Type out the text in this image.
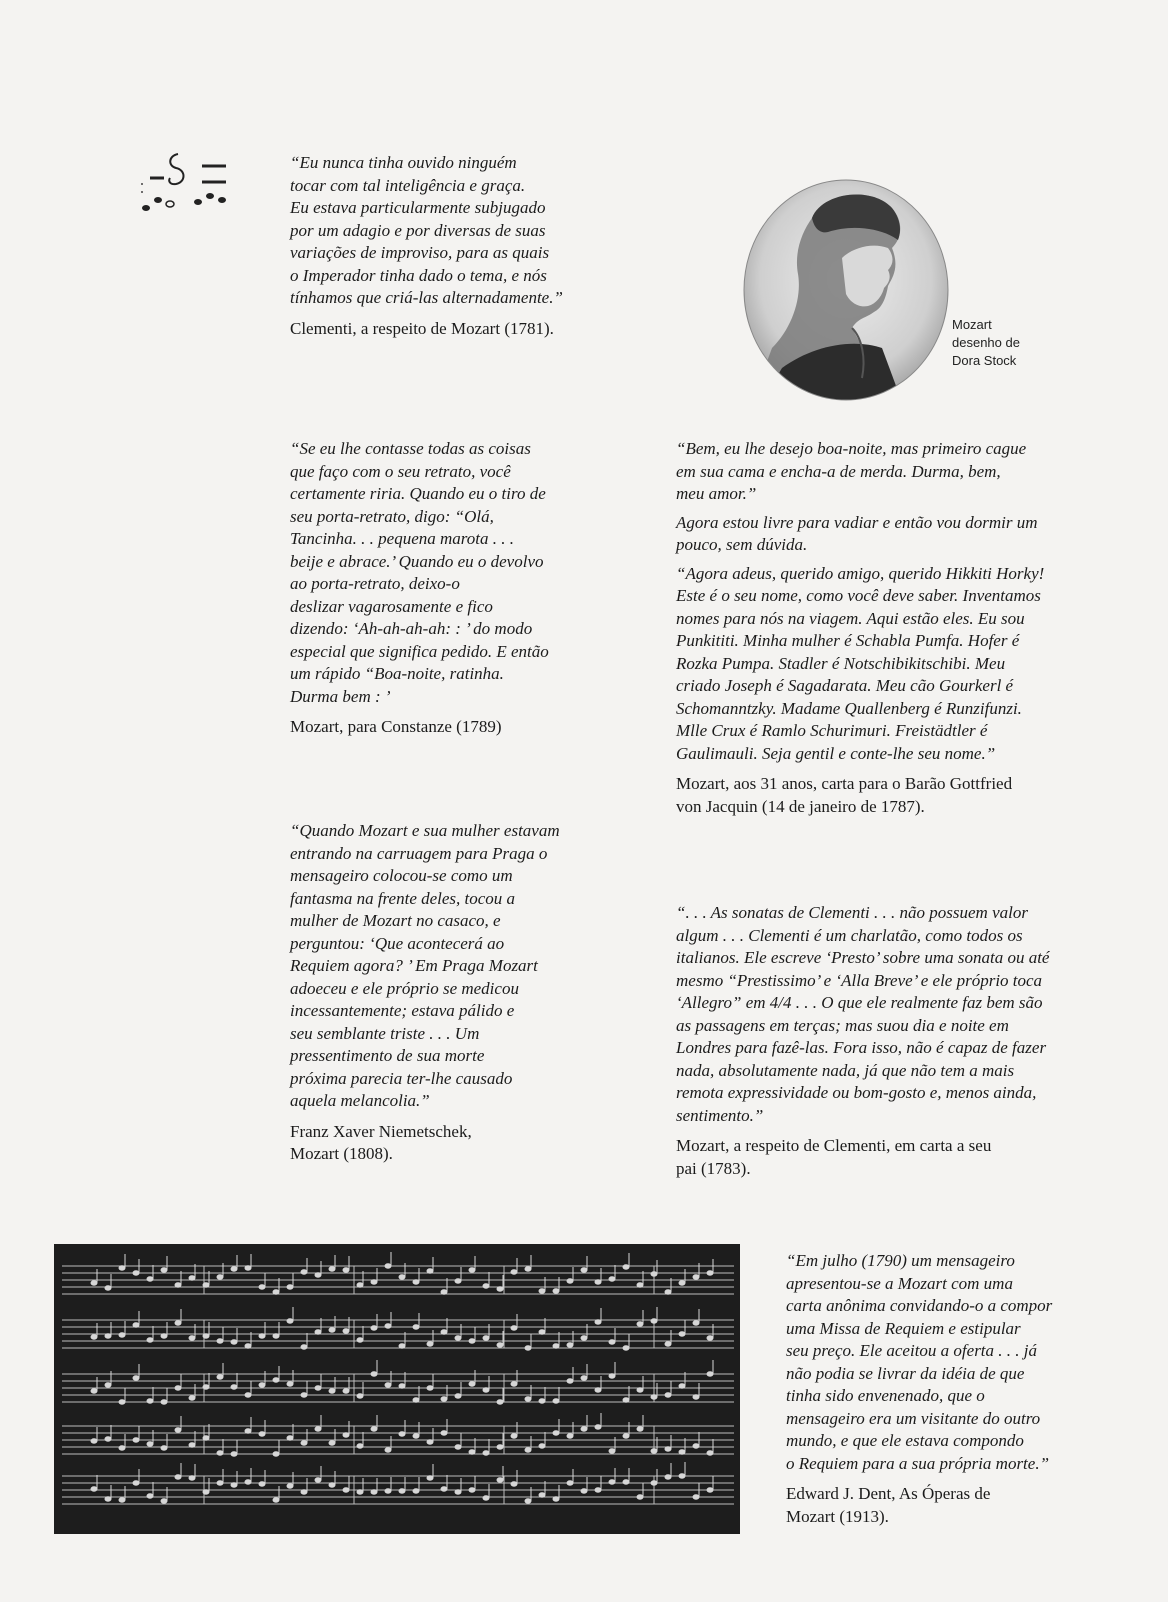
“Eu nunca tinha ouvido ninguém

tocar com tal inteligência e graça.

Eu estava particularmente subjugado

por um adagio e por diversas de suas

variações de improviso, para as quais

o Imperador tinha dado o tema, e nós

tínhamos que criá-las alternadamente.”

Clementi, a respeito de Mozart (1781).	Mozart
desenho de
Dora Stock

“Se eu lhe contasse todas as coisas

que faço com o seu retrato, você

certamente riria. Quando eu o tiro de

seu porta-retrato, digo: “Olá,

Tancinha. . . pequena marota . . .

beije e abrace.’ Quando eu o devolvo

ao porta-retrato, deixo-o

deslizar vagarosamente e fico

dizendo: ‘Ah-ah-ah-ah: : ’ do modo

especial que significa pedido. E então

um rápido “Boa-noite, ratinha.

Durma bem : ’

Mozart, para Constanze (1789)

“Bem, eu lhe desejo boa-noite, mas primeiro cague

em sua cama e encha-a de merda. Durma, bem,

meu amor.”

Agora estou livre para vadiar e então vou dormir um

pouco, sem dúvida.

“Agora adeus, querido amigo, querido Hikkiti Horky!

Este é o seu nome, como você deve saber. Inventamos

nomes para nós na viagem. Aqui estão eles. Eu sou

Punkititi. Minha mulher é Schabla Pumfa. Hofer é

Rozka Pumpa. Stadler é Notschibikitschibi. Meu

criado Joseph é Sagadarata. Meu cão Gourkerl é

Schomanntzky. Madame Quallenberg é Runzifunzi.

Mlle Crux é Ramlo Schurimuri. Freistädtler é

Gaulimauli. Seja gentil e conte-lhe seu nome.”

Mozart, aos 31 anos, carta para o Barão Gottfried
von Jacquin (14 de janeiro de 1787).

“Quando Mozart e sua mulher estavam

entrando na carruagem para Praga o

mensageiro colocou-se como um

fantasma na frente deles, tocou a

mulher de Mozart no casaco, e

perguntou: ‘Que acontecerá ao

Requiem agora? ’ Em Praga Mozart

adoeceu e ele próprio se medicou

incessantemente; estava pálido e

seu semblante triste . . . Um

pressentimento de sua morte

próxima parecia ter-lhe causado

aquela melancolia.”

Franz Xaver Niemetschek,
Mozart (1808).

“. . . As sonatas de Clementi . . . não possuem valor

algum . . . Clementi é um charlatão, como todos os

italianos. Ele escreve ‘Presto’ sobre uma sonata ou até

mesmo “Prestissimo’ e ‘Alla Breve’ e ele próprio toca

‘Allegro” em 4/4 . . . O que ele realmente faz bem são

as passagens em terças; mas suou dia e noite em

Londres para fazê-las. Fora isso, não é capaz de fazer

nada, absolutamente nada, já que não tem a mais

remota expressividade ou bom-gosto e, menos ainda,

sentimento.”

Mozart, a respeito de Clementi, em carta a seu
pai (1783).

“Em julho (1790) um mensageiro

apresentou-se a Mozart com uma

carta anônima convidando-o a compor

uma Missa de Requiem e estipular

seu preço. Ele aceitou a oferta . . . já

não podia se livrar da idéia de que

tinha sido envenenado, que o

mensageiro era um visitante do outro

mundo, e que ele estava compondo

o Requiem para a sua própria morte.”

Edward J. Dent, As Óperas de
Mozart (1913).
